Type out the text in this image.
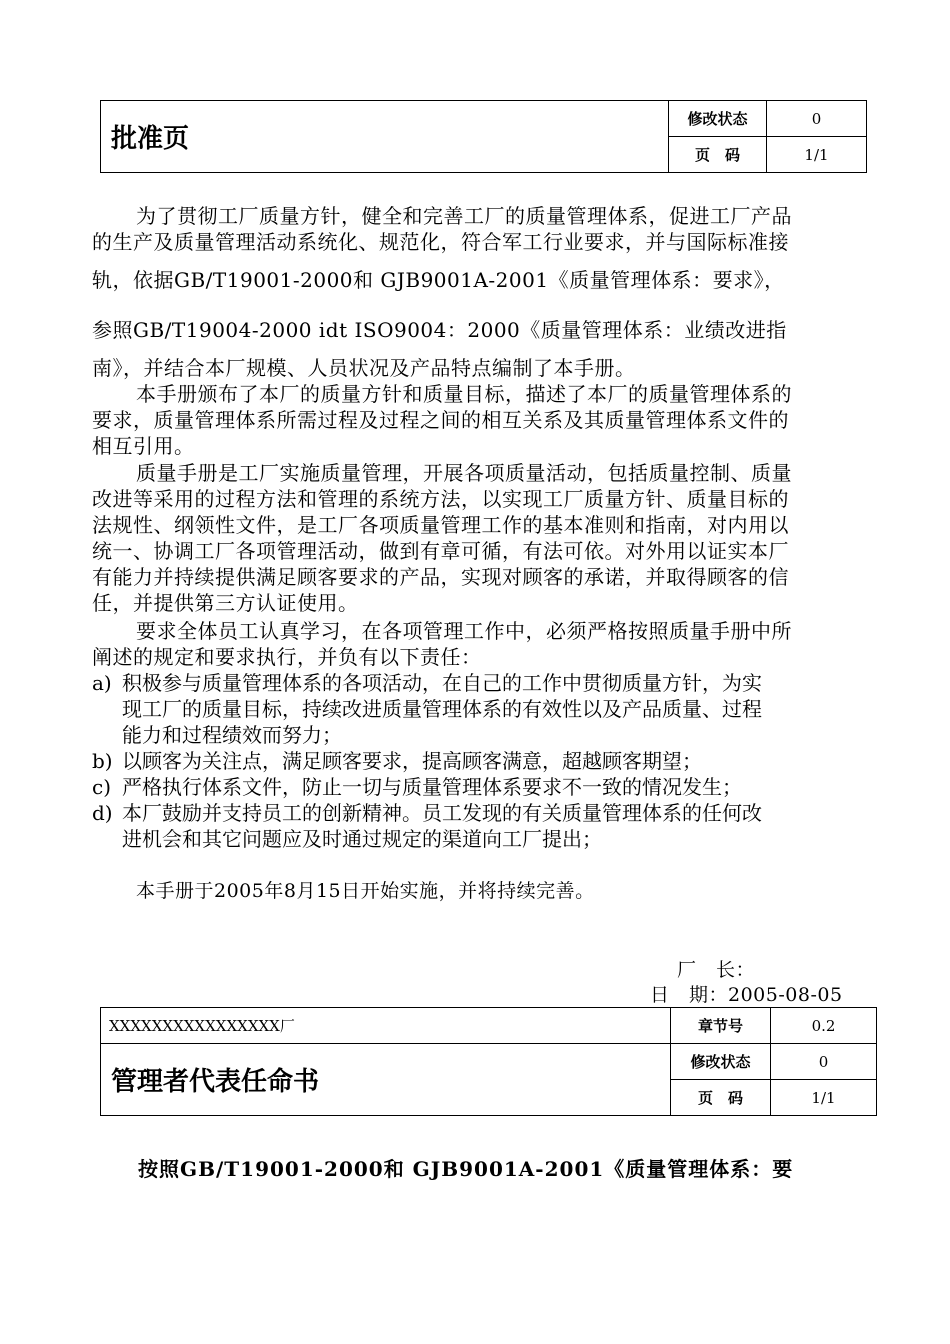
批准页	修改状态	0
	页　码	1/1

为了贯彻工厂质量方针，健全和完善工厂的质量管理体系，促进工厂产品

的生产及质量管理活动系统化、规范化，符合军工行业要求，并与国际标准接

轨，依据GB/T19001-2000和 GJB9001A-2001《质量管理体系：要求》，

参照GB/T19004-2000 idt ISO9004：2000《质量管理体系：业绩改进指

南》，并结合本厂规模、人员状况及产品特点编制了本手册。

本手册颁布了本厂的质量方针和质量目标，描述了本厂的质量管理体系的

要求，质量管理体系所需过程及过程之间的相互关系及其质量管理体系文件的

相互引用。

质量手册是工厂实施质量管理，开展各项质量活动，包括质量控制、质量

改进等采用的过程方法和管理的系统方法，以实现工厂质量方针、质量目标的

法规性、纲领性文件，是工厂各项质量管理工作的基本准则和指南，对内用以

统一、协调工厂各项管理活动，做到有章可循，有法可依。对外用以证实本厂

有能力并持续提供满足顾客要求的产品，实现对顾客的承诺，并取得顾客的信

任，并提供第三方认证使用。

要求全体员工认真学习，在各项管理工作中，必须严格按照质量手册中所

阐述的规定和要求执行，并负有以下责任：

a) 积极参与质量管理体系的各项活动，在自己的工作中贯彻质量方针，为实
现工厂的质量目标，持续改进质量管理体系的有效性以及产品质量、过程
能力和过程绩效而努力；
b) 以顾客为关注点，满足顾客要求，提高顾客满意，超越顾客期望；
c) 严格执行体系文件，防止一切与质量管理体系要求不一致的情况发生；
d) 本厂鼓励并支持员工的创新精神。员工发现的有关质量管理体系的任何改
进机会和其它问题应及时通过规定的渠道向工厂提出；

本手册于2005年8月15日开始实施，并将持续完善。

厂　长：

日　期：2005-08-05

XXXXXXXXXXXXXXXX厂	章节号	0.2
管理者代表任命书	修改状态	0
	页　码	1/1

按照GB/T19001-2000和 GJB9001A-2001《质量管理体系：要
